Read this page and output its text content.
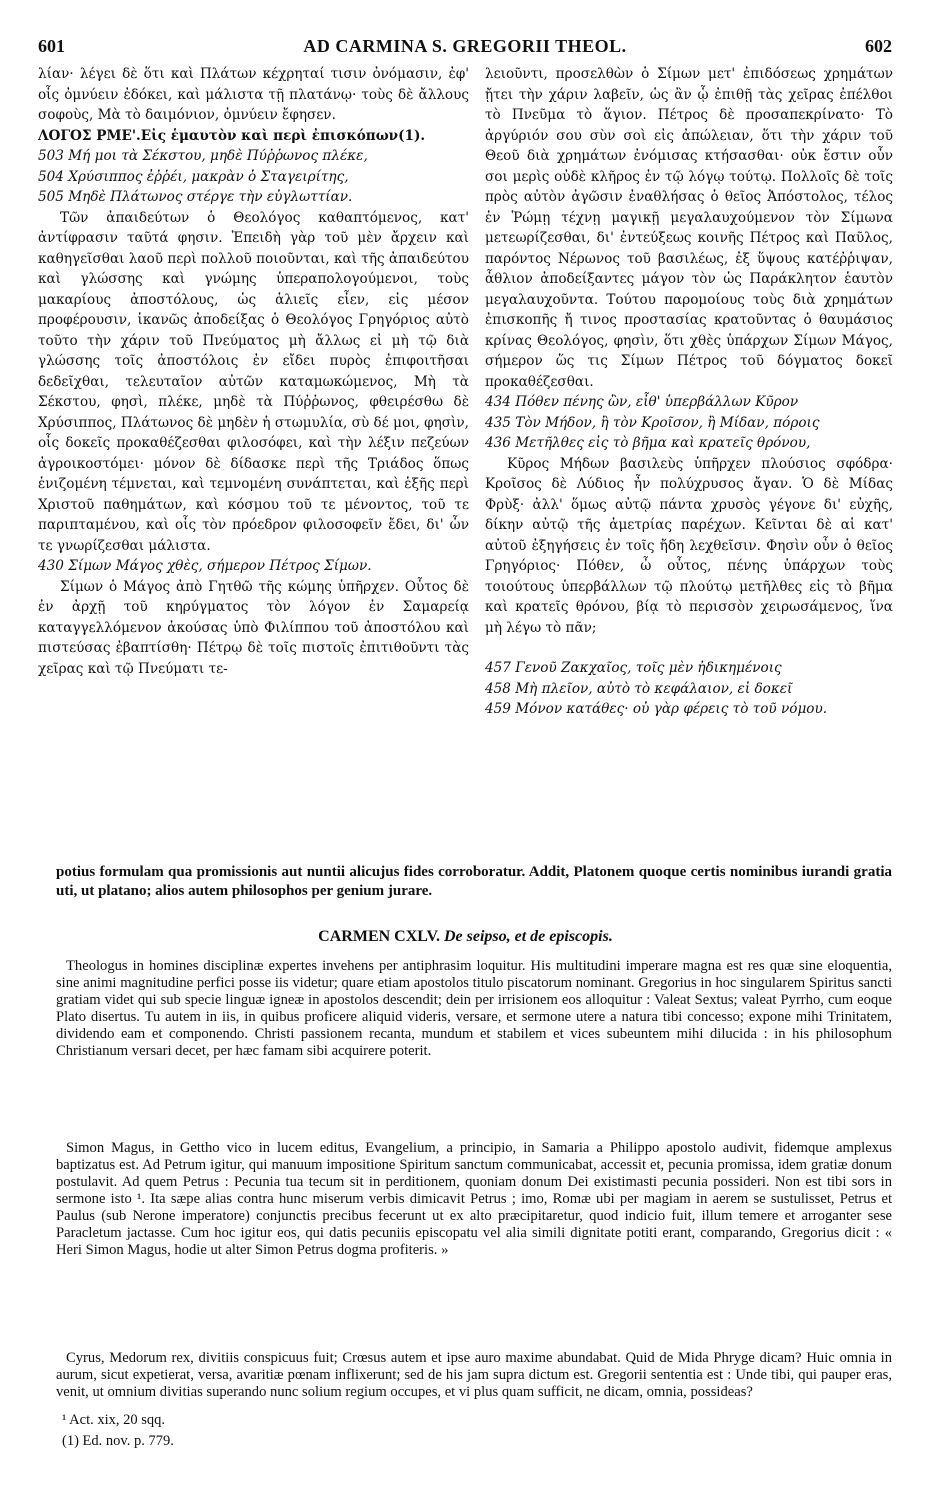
601	AD CARMINA S. GREGORII THEOL.	602

λίαν· λέγει δὲ ὅτι καὶ Πλάτων κέχρηταί τισιν ὀνόμασιν, ἐφ' οἷς ὀμνύειν ἐδόκει, καὶ μάλιστα τῇ πλατάνῳ· τοὺς δὲ ἄλλους σοφοὺς, Μὰ τὸ δαιμόνιον, ὀμνύειν ἔφησεν.

ΛΟΓΟΣ ΡΜΕ'.Εἰς ἑμαυτὸν καὶ περὶ ἐπισκόπων(1).

503 Μή μοι τὰ Σέκστου, μηδὲ Πύῤῥωνος πλέκε,
504 Χρύσιππος ἐῤῥέι, μακρὰν ὁ Σταγειρίτης,
505 Μηδὲ Πλάτωνος στέργε τὴν εὐγλωττίαν.

Τῶν ἀπαιδεύτων ὁ Θεολόγος καθαπτόμενος, κατ' ἀντίφρασιν ταῦτά φησιν. Ἐπειδὴ γὰρ τοῦ μὲν ἄρχειν καὶ καθηγεῖσθαι λαοῦ περὶ πολλοῦ ποιοῦνται, καὶ τῆς ἀπαιδεύτου καὶ γλώσσης καὶ γνώμης ὑπεραπολογούμενοι, τοὺς μακαρίους ἀποστόλους, ὡς ἁλιεῖς εἶεν, εἰς μέσον προφέρουσιν, ἱκανῶς ἀποδείξας ὁ Θεολόγος Γρηγόριος αὐτὸ τοῦτο τὴν χάριν τοῦ Πνεύματος μὴ ἄλλως εἰ μὴ τῷ διὰ γλώσσης τοῖς ἀποστόλοις ἐν εἴδει πυρὸς ἐπιφοιτῆσαι δεδεῖχθαι, τελευταῖον αὐτῶν καταμωκώμενος, Μὴ τὰ Σέκστου, φησὶ, πλέκε, μηδὲ τὰ Πύῤῥωνος, φθειρέσθω δὲ Χρύσιππος, Πλάτωνος δὲ μηδὲν ἡ στωμυλία, σὺ δέ μοι, φησὶν, οἷς δοκεῖς προκαθέζεσθαι φιλοσόφει, καὶ τὴν λέξιν πεζεύων ἀγροικοστόμει· μόνον δὲ δίδασκε περὶ τῆς Τριάδος ὅπως ἑνιζομένη τέμνεται, καὶ τεμνομένη συνάπτεται, καὶ ἑξῆς περὶ Χριστοῦ παθημάτων, καὶ κόσμου τοῦ τε μένοντος, τοῦ τε παριπταμένου, καὶ οἷς τὸν πρόεδρον φιλοσοφεῖν ἔδει, δι' ὧν τε γνωρίζεσθαι μάλιστα.

430 Σίμων Μάγος χθὲς, σήμερον Πέτρος Σίμων.

Σίμων ὁ Μάγος ἀπὸ Γητθῶ τῆς κώμης ὑπῆρχεν. Οὗτος δὲ ἐν ἀρχῇ τοῦ κηρύγματος τὸν λόγον ἐν Σαμαρείᾳ καταγγελλόμενον ἀκούσας ὑπὸ Φιλίππου τοῦ ἀποστόλου καὶ πιστεύσας ἐβαπτίσθη· Πέτρῳ δὲ τοῖς πιστοῖς ἐπιτιθοῦντι τὰς χεῖρας καὶ τῷ Πνεύματι τε-

λειοῦντι, προσελθὼν ὁ Σίμων μετ' ἐπιδόσεως χρημάτων ᾔτει τὴν χάριν λαβεῖν, ὡς ἂν ᾧ ἐπιθῇ τὰς χεῖρας ἐπέλθοι τὸ Πνεῦμα τὸ ἅγιον. Πέτρος δὲ προσαπεκρίνατο· Τὸ ἀργύριόν σου σὺν σοὶ εἰς ἀπώλειαν, ὅτι τὴν χάριν τοῦ Θεοῦ διὰ χρημάτων ἐνόμισας κτήσασθαι· οὐκ ἔστιν οὖν σοι μερὶς οὐδὲ κλῆρος ἐν τῷ λόγῳ τούτῳ. Πολλοῖς δὲ τοῖς πρὸς αὐτὸν ἀγῶσιν ἐναθλήσας ὁ θεῖος Ἀπόστολος, τέλος ἐν Ῥώμῃ τέχνῃ μαγικῇ μεγαλαυχούμενον τὸν Σίμωνα μετεωρίζεσθαι, δι' ἐντεύξεως κοινῆς Πέτρος καὶ Παῦλος, παρόντος Νέρωνος τοῦ βασιλέως, ἐξ ὕψους κατέῤῥιψαν, ἆθλιον ἀποδείξαντες μάγον τὸν ὡς Παράκλητον ἑαυτὸν μεγαλαυχοῦντα. Τούτου παρομοίους τοὺς διὰ χρημάτων ἐπισκοπῆς ἤ τινος προστασίας κρατοῦντας ὁ θαυμάσιος κρίνας Θεολόγος, φησὶν, ὅτι χθὲς ὑπάρχων Σίμων Μάγος, σήμερον ὥς τις Σίμων Πέτρος τοῦ δόγματος δοκεῖ προκαθέζεσθαι.

434 Πόθεν πένης ὢν, εἶθ' ὑπερβάλλων Κῦρον
435 Τὸν Μήδον, ἢ τὸν Κροῖσον, ἢ Μίδαν, πόροις
436 Μετῆλθες εἰς τὸ βῆμα καὶ κρατεῖς θρόνου,

Κῦρος Μήδων βασιλεὺς ὑπῆρχεν πλούσιος σφόδρα· Κροῖσος δὲ Λύδιος ἦν πολύχρυσος ἄγαν. Ὁ δὲ Μίδας Φρὺξ· ἀλλ' ὅμως αὐτῷ πάντα χρυσὸς γέγονε δι' εὐχῆς, δίκην αὐτῷ τῆς ἀμετρίας παρέχων. Κεῖνται δὲ αἱ κατ' αὐτοῦ ἐξηγήσεις ἐν τοῖς ἤδη λεχθεῖσιν. Φησὶν οὖν ὁ θεῖος Γρηγόριος· Πόθεν, ὦ οὗτος, πένης ὑπάρχων τοὺς τοιούτους ὑπερβάλλων τῷ πλούτῳ μετῆλθες εἰς τὸ βῆμα καὶ κρατεῖς θρόνου, βίᾳ τὸ περισσὸν χειρωσάμενος, ἵνα μὴ λέγω τὸ πᾶν;

457 Γενοῦ Ζακχαῖος, τοῖς μὲν ἠδικημένοις
458 Μὴ πλεῖον, αὐτὸ τὸ κεφάλαιον, εἰ δοκεῖ
459 Μόνον κατάθες· οὐ γὰρ φέρεις τὸ τοῦ νόμου.

potius formulam qua promissionis aut nuntii alicujus fides corroboratur. Addit, Platonem quoque certis nominibus iurandi gratia uti, ut platano; alios autem philosophos per genium jurare.

CARMEN CXLV. De seipso, et de episcopis.

Theologus in homines disciplinæ expertes invehens per antiphrasim loquitur. His multitudini imperare magna est res quæ sine eloquentia, sine animi magnitudine perfici posse iis videtur; quare etiam apostolos titulo piscatorum nominant. Gregorius in hoc singularem Spiritus sancti gratiam videt qui sub specie linguæ igneæ in apostolos descendit; dein per irrisionem eos alloquitur : Valeat Sextus; valeat Pyrrho, cum eoque Plato disertus. Tu autem in iis, in quibus proficere aliquid videris, versare, et sermone utere a natura tibi concesso; expone mihi Trinitatem, dividendo eam et componendo. Christi passionem recanta, mundum et stabilem et vices subeuntem mihi dilucida : in his philosophum Christianum versari decet, per hæc famam sibi acquirere poterit.

Simon Magus, in Gettho vico in lucem editus, Evangelium, a principio, in Samaria a Philippo apostolo audivit, fidemque amplexus baptizatus est. Ad Petrum igitur, qui manuum impositione Spiritum sanctum communicabat, accessit et, pecunia promissa, idem gratiæ donum postulavit. Ad quem Petrus : Pecunia tua tecum sit in perditionem, quoniam donum Dei existimasti pecunia possideri. Non est tibi sors in sermone isto ¹. Ita sæpe alias contra hunc miserum verbis dimicavit Petrus ; imo, Romæ ubi per magiam in aerem se sustulisset, Petrus et Paulus (sub Nerone imperatore) conjunctis precibus fecerunt ut ex alto præcipitaretur, quod indicio fuit, illum temere et arroganter sese Paracletum jactasse. Cum hoc igitur eos, qui datis pecuniis episcopatu vel alia simili dignitate potiti erant, comparando, Gregorius dicit : « Heri Simon Magus, hodie ut alter Simon Petrus dogma profiteris. »

Cyrus, Medorum rex, divitiis conspicuus fuit; Crœsus autem et ipse auro maxime abundabat. Quid de Mida Phryge dicam? Huic omnia in aurum, sicut expetierat, versa, avaritiæ pœnam inflixerunt; sed de his jam supra dictum est. Gregorii sententia est : Unde tibi, qui pauper eras, venit, ut omnium divitias superando nunc solium regium occupes, et vi plus quam sufficit, ne dicam, omnia, possideas?

¹ Act. xix, 20 sqq.
(1) Ed. nov. p. 779.
